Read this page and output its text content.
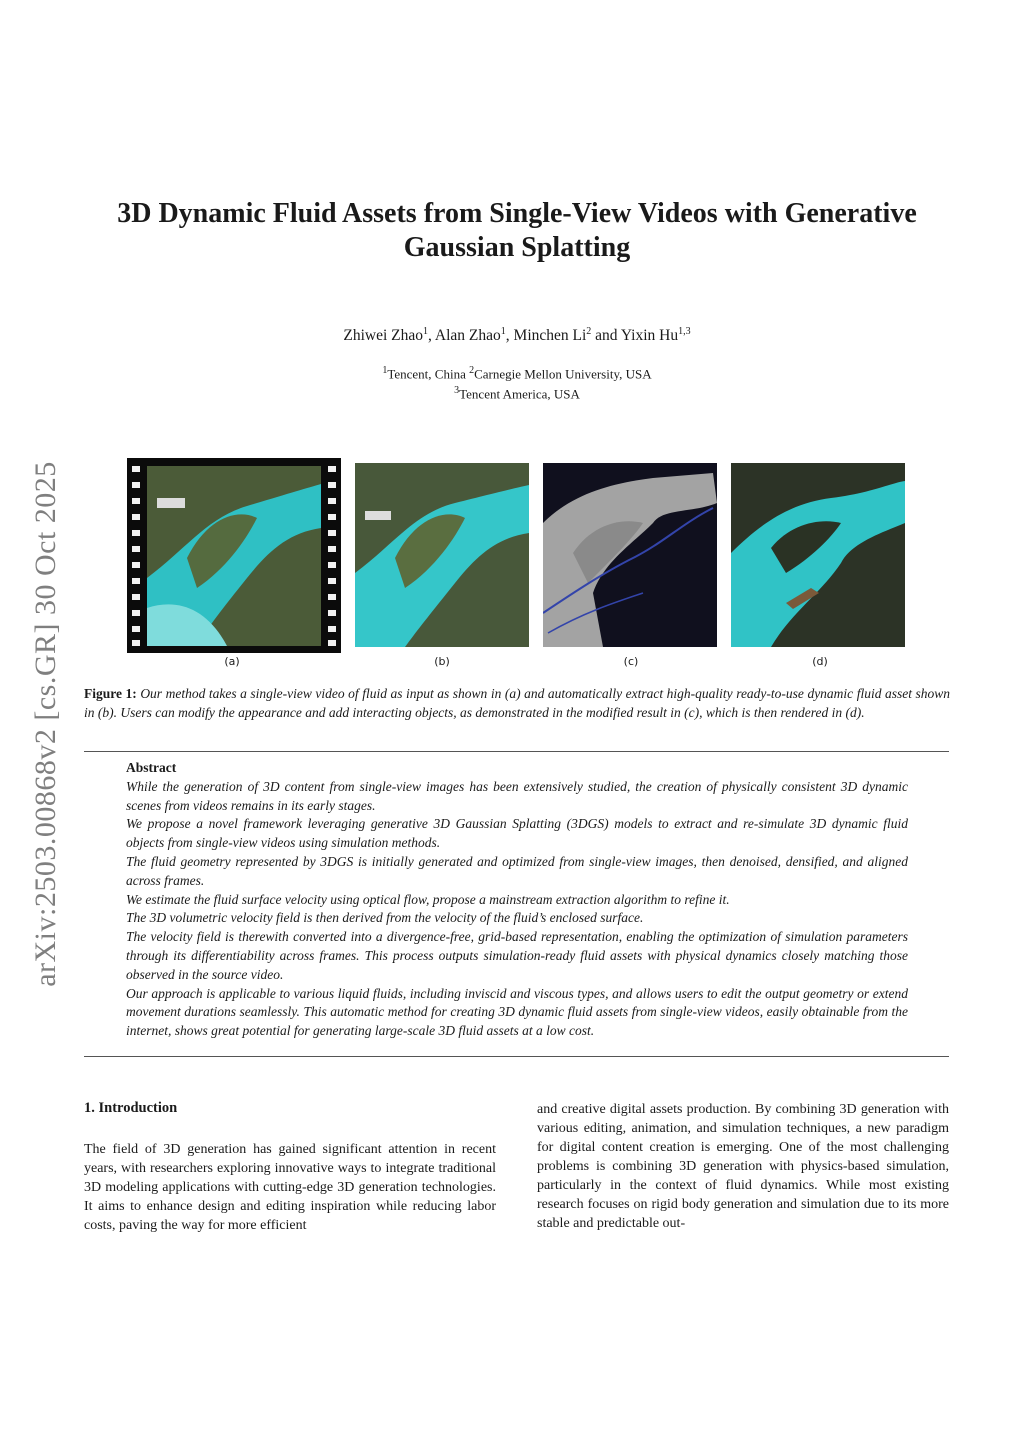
arXiv:2503.00868v2 [cs.GR] 30 Oct 2025
3D Dynamic Fluid Assets from Single-View Videos with Generative Gaussian Splatting
Zhiwei Zhao$^1$, Alan Zhao$^1$, Minchen Li$^2$ and Yixin Hu$^{1,3}$
$^1$Tencent, China $^2$Carnegie Mellon University, USA
$^3$Tencent America, USA
(a)	(b)	(c)	(d)
Figure 1: Our method takes a single-view video of fluid as input as shown in (a) and automatically extract high-quality ready-to-use dynamic fluid asset shown in (b). Users can modify the appearance and add interacting objects, as demonstrated in the modified result in (c), which is then rendered in (d).
Abstract

While the generation of 3D content from single-view images has been extensively studied, the creation of physically consistent 3D dynamic scenes from videos remains in its early stages.

We propose a novel framework leveraging generative 3D Gaussian Splatting (3DGS) models to extract and re-simulate 3D dynamic fluid objects from single-view videos using simulation methods.

The fluid geometry represented by 3DGS is initially generated and optimized from single-view images, then denoised, densified, and aligned across frames.

We estimate the fluid surface velocity using optical flow, propose a mainstream extraction algorithm to refine it.

The 3D volumetric velocity field is then derived from the velocity of the fluid’s enclosed surface.

The velocity field is therewith converted into a divergence-free, grid-based representation, enabling the optimization of simulation parameters through its differentiability across frames. This process outputs simulation-ready fluid assets with physical dynamics closely matching those observed in the source video.

Our approach is applicable to various liquid fluids, including inviscid and viscous types, and allows users to edit the output geometry or extend movement durations seamlessly. This automatic method for creating 3D dynamic fluid assets from single-view videos, easily obtainable from the internet, shows great potential for generating large-scale 3D fluid assets at a low cost.

1. Introduction
The field of 3D generation has gained significant attention in recent years, with researchers exploring innovative ways to integrate traditional 3D modeling applications with cutting-edge 3D generation technologies. It aims to enhance design and editing inspiration while reducing labor costs, paving the way for more efficient
and creative digital assets production. By combining 3D generation with various editing, animation, and simulation techniques, a new paradigm for digital content creation is emerging. One of the most challenging problems is combining 3D generation with physics-based simulation, particularly in the context of fluid dynamics. While most existing research focuses on rigid body generation and simulation due to its more stable and predictable out-
